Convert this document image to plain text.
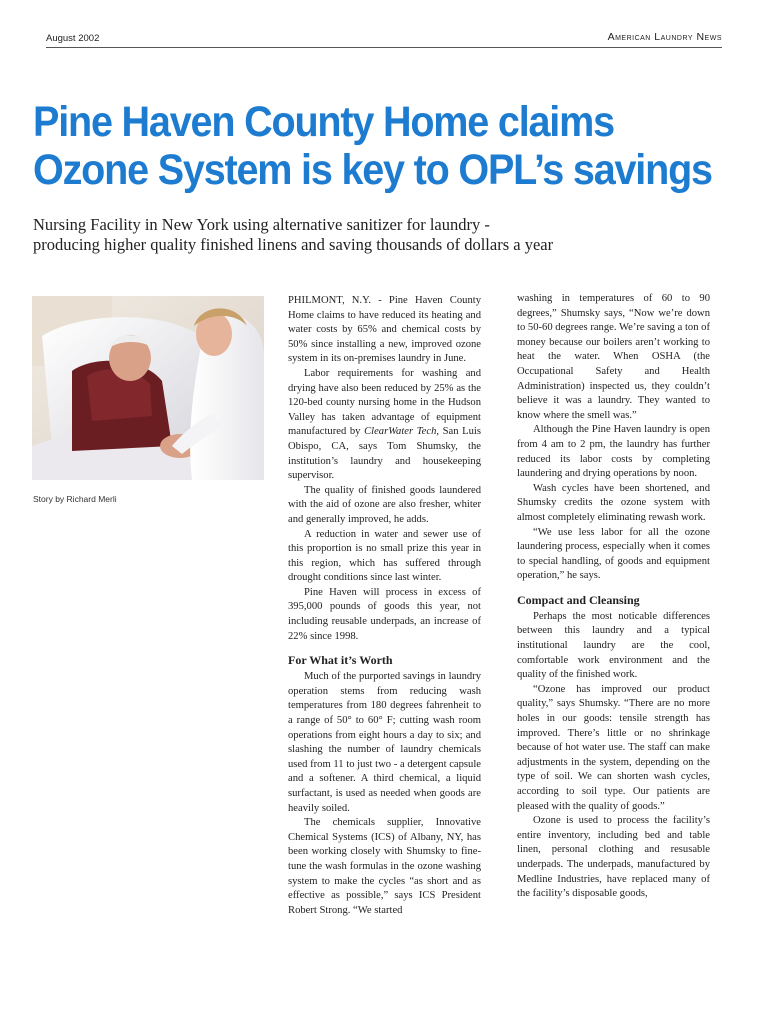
August 2002	American Laundry News
Pine Haven County Home claims
Ozone System is key to OPL’s savings
Nursing Facility in New York using alternative sanitizer for laundry -
producing higher quality finished linens and saving thousands of dollars a year
Story by Richard Merli

PHILMONT, N.Y. - Pine Haven County Home claims to have reduced its heating and water costs by 65% and chemical costs by 50% since installing a new, improved ozone system in its on-premises laundry in June.

Labor requirements for washing and drying have also been reduced by 25% as the 120-bed county nursing home in the Hudson Valley has taken advantage of equipment manufactured by ClearWater Tech, San Luis Obispo, CA, says Tom Shumsky, the institution’s laundry and housekeeping supervisor.

The quality of finished goods laundered with the aid of ozone are also fresher, whiter and generally improved, he adds.

A reduction in water and sewer use of this proportion is no small prize this year in this region, which has suffered through drought conditions since last winter.

Pine Haven will process in excess of 395,000 pounds of goods this year, not including reusable underpads, an increase of 22% since 1998.

For What it’s Worth

Much of the purported savings in laundry operation stems from reducing wash temperatures from 180 degrees fahrenheit to a range of 50° to 60° F; cutting wash room operations from eight hours a day to six; and slashing the number of laundry chemicals used from 11 to just two - a detergent capsule and a softener. A third chemical, a liquid surfactant, is used as needed when goods are heavily soiled.

The chemicals supplier, Innovative Chemical Systems (ICS) of Albany, NY, has been working closely with Shumsky to fine-tune the wash formulas in the ozone washing system to make the cycles “as short and as effective as possible,” says ICS President Robert Strong. “We started

washing in temperatures of 60 to 90 degrees,” Shumsky says, “Now we’re down to 50-60 degrees range. We’re saving a ton of money because our boilers aren’t working to heat the water. When OSHA (the Occupational Safety and Health Administration) inspected us, they couldn’t believe it was a laundry. They wanted to know where the smell was.”

Although the Pine Haven laundry is open from 4 am to 2 pm, the laundry has further reduced its labor costs by completing laundering and drying operations by noon.

Wash cycles have been shortened, and Shumsky credits the ozone system with almost completely eliminating rewash work.

“We use less labor for all the ozone laundering process, especially when it comes to special handling, of goods and equipment operation,” he says.

Compact and Cleansing

Perhaps the most noticable differences between this laundry and a typical institutional laundry are the cool, comfortable work environment and the quality of the finished work.

“Ozone has improved our product quality,” says Shumsky. “There are no more holes in our goods: tensile strength has improved. There’s little or no shrinkage because of hot water use. The staff can make adjustments in the system, depending on the type of soil. We can shorten wash cycles, according to soil type. Our patients are pleased with the quality of goods.”

Ozone is used to process the facility’s entire inventory, including bed and table linen, personal clothing and resusable underpads. The underpads, manufactured by Medline Industries, have replaced many of the facility’s disposable goods,
